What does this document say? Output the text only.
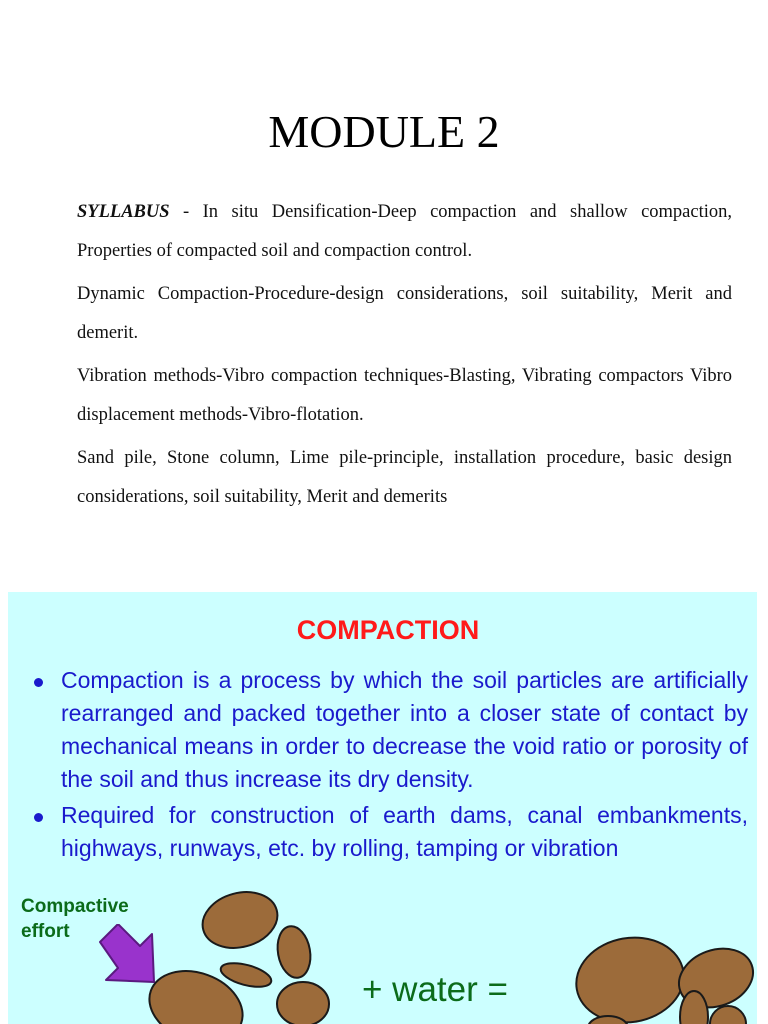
MODULE 2

SYLLABUS - In situ Densification-Deep compaction and shallow compaction, Properties of compacted soil and compaction control.

Dynamic Compaction-Procedure-design considerations, soil suitability, Merit and demerit.

Vibration methods-Vibro compaction techniques-Blasting, Vibrating compactors Vibro displacement methods-Vibro-flotation.

Sand pile, Stone column, Lime pile-principle, installation procedure, basic design considerations, soil suitability, Merit and demerits

COMPACTION
Compaction is a process by which the soil particles are artificially rearranged and packed together into a closer state of contact by mechanical means in order to decrease the void ratio or porosity of the soil and thus increase its dry density.
Required for construction of earth dams, canal embankments, highways, runways, etc. by rolling, tamping or vibration
Compactive
effort
+ water =
